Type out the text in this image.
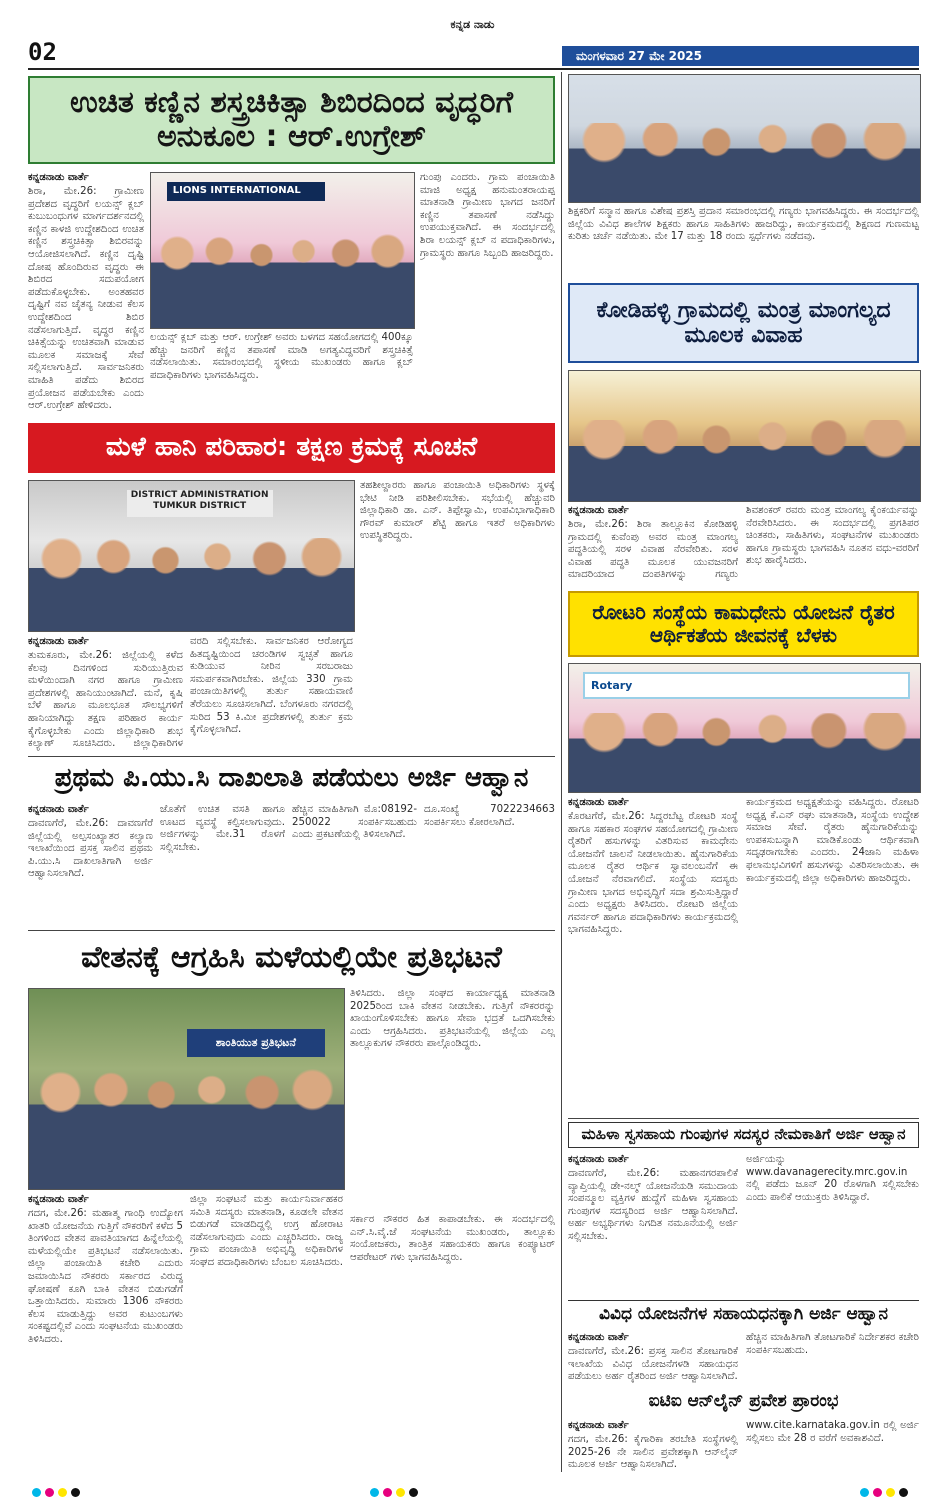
02
ಕನ್ನಡ ನಾಡು
ಮಂಗಳವಾರ 27 ಮೇ 2025
ಉಚಿತ ಕಣ್ಣಿನ ಶಸ್ತ್ರಚಿಕಿತ್ಸಾ ಶಿಬಿರದಿಂದ ವೃದ್ಧರಿಗೆ ಅನುಕೂಲ : ಆರ್.ಉಗ್ರೇಶ್
ಕನ್ನಡನಾಡು ವಾರ್ತೆ
ಶಿರಾ, ಮೇ.26: ಗ್ರಾಮೀಣ ಪ್ರದೇಶದ ವೃದ್ಧರಿಗೆ ಲಯನ್ಸ್ ಕ್ಲಬ್ ಕುಬುಬಂಧುಗಳ ಮಾರ್ಗದರ್ಶನದಲ್ಲಿ ಕಣ್ಣಿನ ಕಾಳಜಿ ಉದ್ದೇಶದಿಂದ ಉಚಿತ ಕಣ್ಣಿನ ಶಸ್ತ್ರಚಿಕಿತ್ಸಾ ಶಿಬಿರವನ್ನು ಆಯೋಜಿಸಲಾಗಿದೆ. ಕಣ್ಣಿನ ದೃಷ್ಟಿ ದೋಷ ಹೊಂದಿರುವ ವೃದ್ಧರು ಈ ಶಿಬಿರದ ಸದುಪಯೋಗ ಪಡೆದುಕೊಳ್ಳಬೇಕು. ಅಂತಹವರ ದೃಷ್ಟಿಗೆ ನವ ಚೈತನ್ಯ ನೀಡುವ ಕೆಲಸ ಉದ್ದೇಶದಿಂದ ಶಿಬಿರ ನಡೆಸಲಾಗುತ್ತಿದೆ. ವೃದ್ಧರ ಕಣ್ಣಿನ ಚಿಕಿತ್ಸೆಯನ್ನು ಉಚಿತವಾಗಿ ಮಾಡುವ ಮೂಲಕ ಸಮಾಜಕ್ಕೆ ಸೇವೆ ಸಲ್ಲಿಸಲಾಗುತ್ತಿದೆ. ಸಾರ್ವಜನಿಕರು ಮಾಹಿತಿ ಪಡೆದು ಶಿಬಿರದ ಪ್ರಯೋಜನ ಪಡೆಯಬೇಕು ಎಂದು ಆರ್.ಉಗ್ರೇಶ್ ಹೇಳಿದರು.
LIONS INTERNATIONAL
ಲಯನ್ಸ್ ಕ್ಲಬ್ ಮತ್ತು ಆರ್. ಉಗ್ರೇಶ್ ಅವರು ಬಳಗದ ಸಹಯೋಗದಲ್ಲಿ 400ಕ್ಕೂ ಹೆಚ್ಚು ಜನರಿಗೆ ಕಣ್ಣಿನ ತಪಾಸಣೆ ಮಾಡಿ ಅಗತ್ಯವಿದ್ದವರಿಗೆ ಶಸ್ತ್ರಚಿಕಿತ್ಸೆ ನಡೆಸಲಾಯಿತು. ಸಮಾರಂಭದಲ್ಲಿ ಸ್ಥಳೀಯ ಮುಖಂಡರು ಹಾಗೂ ಕ್ಲಬ್ ಪದಾಧಿಕಾರಿಗಳು ಭಾಗವಹಿಸಿದ್ದರು.
ಗುಂಪು ಎಂದರು. ಗ್ರಾಮ ಪಂಚಾಯಿತಿ ಮಾಜಿ ಅಧ್ಯಕ್ಷ ಹನುಮಂತರಾಯಪ್ಪ ಮಾತನಾಡಿ ಗ್ರಾಮೀಣ ಭಾಗದ ಜನರಿಗೆ ಕಣ್ಣಿನ ತಪಾಸಣೆ ನಡೆಸಿದ್ದು ಉಪಯುಕ್ತವಾಗಿದೆ. ಈ ಸಂದರ್ಭದಲ್ಲಿ ಶಿರಾ ಲಯನ್ಸ್ ಕ್ಲಬ್ ನ ಪದಾಧಿಕಾರಿಗಳು, ಗ್ರಾಮಸ್ಥರು ಹಾಗೂ ಸಿಬ್ಬಂದಿ ಹಾಜರಿದ್ದರು.
ಶಿಕ್ಷಕರಿಗೆ ಸನ್ಮಾನ ಹಾಗೂ ವಿಶೇಷ ಪ್ರಶಸ್ತಿ ಪ್ರದಾನ ಸಮಾರಂಭದಲ್ಲಿ ಗಣ್ಯರು ಭಾಗವಹಿಸಿದ್ದರು. ಈ ಸಂದರ್ಭದಲ್ಲಿ ಜಿಲ್ಲೆಯ ವಿವಿಧ ಶಾಲೆಗಳ ಶಿಕ್ಷಕರು ಹಾಗೂ ಸಾಹಿತಿಗಳು ಹಾಜರಿದ್ದು, ಕಾರ್ಯಕ್ರಮದಲ್ಲಿ ಶಿಕ್ಷಣದ ಗುಣಮಟ್ಟ ಕುರಿತು ಚರ್ಚೆ ನಡೆಯಿತು. ಮೇ 17 ಮತ್ತು 18 ರಂದು ಸ್ಪರ್ಧೆಗಳು ನಡೆದವು.
ಕೋಡಿಹಳ್ಳಿ ಗ್ರಾಮದಲ್ಲಿ ಮಂತ್ರ ಮಾಂಗಲ್ಯದ ಮೂಲಕ ವಿವಾಹ
ಕನ್ನಡನಾಡು ವಾರ್ತೆ
ಶಿರಾ, ಮೇ.26: ಶಿರಾ ತಾಲ್ಲೂಕಿನ ಕೋಡಿಹಳ್ಳಿ ಗ್ರಾಮದಲ್ಲಿ ಕುವೆಂಪು ಅವರ ಮಂತ್ರ ಮಾಂಗಲ್ಯ ಪದ್ಧತಿಯಲ್ಲಿ ಸರಳ ವಿವಾಹ ನೆರವೇರಿತು. ಸರಳ ವಿವಾಹ ಪದ್ಧತಿ ಮೂಲಕ ಯುವಜನರಿಗೆ ಮಾದರಿಯಾದ ದಂಪತಿಗಳನ್ನು ಗಣ್ಯರು
ಶಿವಶಂಕರ್ ರವರು ಮಂತ್ರ ಮಾಂಗಲ್ಯ ಕೈಂಕರ್ಯವನ್ನು ನೆರವೇರಿಸಿದರು. ಈ ಸಂದರ್ಭದಲ್ಲಿ ಪ್ರಗತಿಪರ ಚಿಂತಕರು, ಸಾಹಿತಿಗಳು, ಸಂಘಟನೆಗಳ ಮುಖಂಡರು ಹಾಗೂ ಗ್ರಾಮಸ್ಥರು ಭಾಗವಹಿಸಿ ನೂತನ ವಧು-ವರರಿಗೆ ಶುಭ ಹಾರೈಸಿದರು.
ರೋಟರಿ ಸಂಸ್ಥೆಯ ಕಾಮಧೇನು ಯೋಜನೆ ರೈತರ ಆರ್ಥಿಕತೆಯ ಜೀವನಕ್ಕೆ ಬೆಳಕು
Rotary
ಕನ್ನಡನಾಡು ವಾರ್ತೆ
ಕೊರಟಗೆರೆ, ಮೇ.26: ಸಿದ್ದರಬೆಟ್ಟ ರೋಟರಿ ಸಂಸ್ಥೆ ಹಾಗೂ ಸಹಕಾರ ಸಂಘಗಳ ಸಹಯೋಗದಲ್ಲಿ ಗ್ರಾಮೀಣ ರೈತರಿಗೆ ಹಸುಗಳನ್ನು ವಿತರಿಸುವ ಕಾಮಧೇನು ಯೋಜನೆಗೆ ಚಾಲನೆ ನೀಡಲಾಯಿತು. ಹೈನುಗಾರಿಕೆಯ ಮೂಲಕ ರೈತರ ಆರ್ಥಿಕ ಸ್ವಾವಲಂಬನೆಗೆ ಈ ಯೋಜನೆ ನೆರವಾಗಲಿದೆ. ಸಂಸ್ಥೆಯ ಸದಸ್ಯರು ಗ್ರಾಮೀಣ ಭಾಗದ ಅಭಿವೃದ್ಧಿಗೆ ಸದಾ ಶ್ರಮಿಸುತ್ತಿದ್ದಾರೆ ಎಂದು ಅಧ್ಯಕ್ಷರು ತಿಳಿಸಿದರು. ರೋಟರಿ ಜಿಲ್ಲೆಯ ಗವರ್ನರ್ ಹಾಗೂ ಪದಾಧಿಕಾರಿಗಳು ಕಾರ್ಯಕ್ರಮದಲ್ಲಿ ಭಾಗವಹಿಸಿದ್ದರು.
ಕಾರ್ಯಕ್ರಮದ ಅಧ್ಯಕ್ಷತೆಯನ್ನು ವಹಿಸಿದ್ದರು. ರೋಟರಿ ಅಧ್ಯಕ್ಷ ಕೆ.ಎನ್ ರಘು ಮಾತನಾಡಿ, ಸಂಸ್ಥೆಯ ಉದ್ದೇಶ ಸಮಾಜ ಸೇವೆ. ರೈತರು ಹೈನುಗಾರಿಕೆಯನ್ನು ಉಪಕಸುಬನ್ನಾಗಿ ಮಾಡಿಕೊಂಡು ಆರ್ಥಿಕವಾಗಿ ಸದೃಢರಾಗಬೇಕು ಎಂದರು. 24ಜಾನಿ ಮಹಿಳಾ ಫಲಾನುಭವಿಗಳಿಗೆ ಹಸುಗಳನ್ನು ವಿತರಿಸಲಾಯಿತು. ಈ ಕಾರ್ಯಕ್ರಮದಲ್ಲಿ ಜಿಲ್ಲಾ ಅಧಿಕಾರಿಗಳು ಹಾಜರಿದ್ದರು.
ಮಳೆ ಹಾನಿ ಪರಿಹಾರ: ತಕ್ಷಣ ಕ್ರಮಕ್ಕೆ ಸೂಚನೆ
DISTRICT ADMINISTRATION TUMKUR DISTRICT
ಕನ್ನಡನಾಡು ವಾರ್ತೆ
ತುಮಕೂರು, ಮೇ.26: ಜಿಲ್ಲೆಯಲ್ಲಿ ಕಳೆದ ಕೆಲವು ದಿನಗಳಿಂದ ಸುರಿಯುತ್ತಿರುವ ಮಳೆಯಿಂದಾಗಿ ನಗರ ಹಾಗೂ ಗ್ರಾಮೀಣ ಪ್ರದೇಶಗಳಲ್ಲಿ ಹಾನಿಯುಂಟಾಗಿದೆ. ಮನೆ, ಕೃಷಿ ಬೆಳೆ ಹಾಗೂ ಮೂಲಭೂತ ಸೌಲಭ್ಯಗಳಿಗೆ ಹಾನಿಯಾಗಿದ್ದು ತಕ್ಷಣ ಪರಿಹಾರ ಕಾರ್ಯ ಕೈಗೊಳ್ಳಬೇಕು ಎಂದು ಜಿಲ್ಲಾಧಿಕಾರಿ ಶುಭ ಕಲ್ಯಾಣ್ ಸೂಚಿಸಿದರು. ಜಿಲ್ಲಾಧಿಕಾರಿಗಳ
ವರದಿ ಸಲ್ಲಿಸಬೇಕು. ಸಾರ್ವಜನಿಕರ ಆರೋಗ್ಯದ ಹಿತದೃಷ್ಟಿಯಿಂದ ಚರಂಡಿಗಳ ಸ್ವಚ್ಛತೆ ಹಾಗೂ ಕುಡಿಯುವ ನೀರಿನ ಸರಬರಾಜು ಸಮರ್ಪಕವಾಗಿರಬೇಕು. ಜಿಲ್ಲೆಯ 330 ಗ್ರಾಮ ಪಂಚಾಯಿತಿಗಳಲ್ಲಿ ತುರ್ತು ಸಹಾಯವಾಣಿ ತೆರೆಯಲು ಸೂಚಿಸಲಾಗಿದೆ. ಬೆಂಗಳೂರು ನಗರದಲ್ಲಿ ಸುರಿದ 53 ಕಿ.ಮೀ ಪ್ರದೇಶಗಳಲ್ಲಿ ತುರ್ತು ಕ್ರಮ ಕೈಗೊಳ್ಳಲಾಗಿದೆ.
ತಹಶೀಲ್ದಾರರು ಹಾಗೂ ಪಂಚಾಯಿತಿ ಅಧಿಕಾರಿಗಳು ಸ್ಥಳಕ್ಕೆ ಭೇಟಿ ನೀಡಿ ಪರಿಶೀಲಿಸಬೇಕು. ಸಭೆಯಲ್ಲಿ ಹೆಚ್ಚುವರಿ ಜಿಲ್ಲಾಧಿಕಾರಿ ಡಾ. ಎನ್. ತಿಪ್ಪೇಸ್ವಾಮಿ, ಉಪವಿಭಾಗಾಧಿಕಾರಿ ಗೌರವ್ ಕುಮಾರ್ ಶೆಟ್ಟಿ ಹಾಗೂ ಇತರೆ ಅಧಿಕಾರಿಗಳು ಉಪಸ್ಥಿತರಿದ್ದರು.
ಪ್ರಥಮ ಪಿ.ಯು.ಸಿ ದಾಖಲಾತಿ ಪಡೆಯಲು ಅರ್ಜಿ ಆಹ್ವಾನ
ಕನ್ನಡನಾಡು ವಾರ್ತೆ
ದಾವಣಗೆರೆ, ಮೇ.26: ದಾವಣಗೆರೆ ಜಿಲ್ಲೆಯಲ್ಲಿ ಅಲ್ಪಸಂಖ್ಯಾತರ ಕಲ್ಯಾಣ ಇಲಾಖೆಯಿಂದ ಪ್ರಸಕ್ತ ಸಾಲಿನ ಪ್ರಥಮ ಪಿ.ಯು.ಸಿ ದಾಖಲಾತಿಗಾಗಿ ಅರ್ಜಿ ಆಹ್ವಾನಿಸಲಾಗಿದೆ.
ಜೊತೆಗೆ ಉಚಿತ ವಸತಿ ಹಾಗೂ ಊಟದ ವ್ಯವಸ್ಥೆ ಕಲ್ಪಿಸಲಾಗುವುದು. ಅರ್ಜಿಗಳನ್ನು ಮೇ.31 ರೊಳಗೆ ಸಲ್ಲಿಸಬೇಕು.
ಹೆಚ್ಚಿನ ಮಾಹಿತಿಗಾಗಿ ಮೊ:08192-250022 ಸಂಪರ್ಕಿಸಬಹುದು ಎಂದು ಪ್ರಕಟಣೆಯಲ್ಲಿ ತಿಳಿಸಲಾಗಿದೆ.
ದೂ.ಸಂಖ್ಯೆ 7022234663 ಸಂಪರ್ಕಿಸಲು ಕೋರಲಾಗಿದೆ.
ವೇತನಕ್ಕೆ ಆಗ್ರಹಿಸಿ ಮಳೆಯಲ್ಲಿಯೇ ಪ್ರತಿಭಟನೆ
ಶಾಂತಿಯುತ ಪ್ರತಿಭಟನೆ
ಕನ್ನಡನಾಡು ವಾರ್ತೆ
ಗದಗ, ಮೇ.26: ಮಹಾತ್ಮ ಗಾಂಧಿ ಉದ್ಯೋಗ ಖಾತರಿ ಯೋಜನೆಯ ಗುತ್ತಿಗೆ ನೌಕರರಿಗೆ ಕಳೆದ 5 ತಿಂಗಳಿಂದ ವೇತನ ಪಾವತಿಯಾಗದ ಹಿನ್ನೆಲೆಯಲ್ಲಿ ಮಳೆಯಲ್ಲಿಯೇ ಪ್ರತಿಭಟನೆ ನಡೆಸಲಾಯಿತು. ಜಿಲ್ಲಾ ಪಂಚಾಯಿತಿ ಕಚೇರಿ ಎದುರು ಜಮಾಯಿಸಿದ ನೌಕರರು ಸರ್ಕಾರದ ವಿರುದ್ಧ ಘೋಷಣೆ ಕೂಗಿ ಬಾಕಿ ವೇತನ ಬಿಡುಗಡೆಗೆ ಒತ್ತಾಯಿಸಿದರು. ಸುಮಾರು 1306 ನೌಕರರು ಕೆಲಸ ಮಾಡುತ್ತಿದ್ದು ಅವರ ಕುಟುಂಬಗಳು ಸಂಕಷ್ಟದಲ್ಲಿವೆ ಎಂದು ಸಂಘಟನೆಯ ಮುಖಂಡರು ತಿಳಿಸಿದರು.
ಜಿಲ್ಲಾ ಸಂಘಟನೆ ಮತ್ತು ಕಾರ್ಯನಿರ್ವಾಹಕರ ಸಮಿತಿ ಸದಸ್ಯರು ಮಾತನಾಡಿ, ಕೂಡಲೇ ವೇತನ ಬಿಡುಗಡೆ ಮಾಡದಿದ್ದಲ್ಲಿ ಉಗ್ರ ಹೋರಾಟ ನಡೆಸಲಾಗುವುದು ಎಂದು ಎಚ್ಚರಿಸಿದರು. ರಾಜ್ಯ ಗ್ರಾಮ ಪಂಚಾಯಿತಿ ಅಭಿವೃದ್ಧಿ ಅಧಿಕಾರಿಗಳ ಸಂಘದ ಪದಾಧಿಕಾರಿಗಳು ಬೆಂಬಲ ಸೂಚಿಸಿದರು.
ತಿಳಿಸಿದರು. ಜಿಲ್ಲಾ ಸಂಘದ ಕಾರ್ಯಾಧ್ಯಕ್ಷ ಮಾತನಾಡಿ 2025ರಿಂದ ಬಾಕಿ ವೇತನ ನೀಡಬೇಕು. ಗುತ್ತಿಗೆ ನೌಕರರನ್ನು ಖಾಯಂಗೊಳಿಸಬೇಕು ಹಾಗೂ ಸೇವಾ ಭದ್ರತೆ ಒದಗಿಸಬೇಕು ಎಂದು ಆಗ್ರಹಿಸಿದರು. ಪ್ರತಿಭಟನೆಯಲ್ಲಿ ಜಿಲ್ಲೆಯ ಎಲ್ಲ ತಾಲ್ಲೂಕುಗಳ ನೌಕರರು ಪಾಲ್ಗೊಂಡಿದ್ದರು.
ಸರ್ಕಾರ ನೌಕರರ ಹಿತ ಕಾಪಾಡಬೇಕು. ಈ ಸಂದರ್ಭದಲ್ಲಿ ಎನ್.ಸಿ.ವೈ.ಜೆ ಸಂಘಟನೆಯ ಮುಖಂಡರು, ತಾಲ್ಲೂಕು ಸಂಯೋಜಕರು, ತಾಂತ್ರಿಕ ಸಹಾಯಕರು ಹಾಗೂ ಕಂಪ್ಯೂಟರ್ ಆಪರೇಟರ್ ಗಳು ಭಾಗವಹಿಸಿದ್ದರು.
ಮಹಿಳಾ ಸ್ವಸಹಾಯ ಗುಂಪುಗಳ ಸದಸ್ಯರ ನೇಮಕಾತಿಗೆ ಅರ್ಜಿ ಆಹ್ವಾನ
ಕನ್ನಡನಾಡು ವಾರ್ತೆ
ದಾವಣಗೆರೆ, ಮೇ.26: ಮಹಾನಗರಪಾಲಿಕೆ ವ್ಯಾಪ್ತಿಯಲ್ಲಿ ಡೇ-ನಲ್ಮ್ ಯೋಜನೆಯಡಿ ಸಮುದಾಯ ಸಂಪನ್ಮೂಲ ವ್ಯಕ್ತಿಗಳ ಹುದ್ದೆಗೆ ಮಹಿಳಾ ಸ್ವಸಹಾಯ ಗುಂಪುಗಳ ಸದಸ್ಯರಿಂದ ಅರ್ಜಿ ಆಹ್ವಾನಿಸಲಾಗಿದೆ. ಅರ್ಹ ಅಭ್ಯರ್ಥಿಗಳು ನಿಗದಿತ ನಮೂನೆಯಲ್ಲಿ ಅರ್ಜಿ ಸಲ್ಲಿಸಬೇಕು.
ಅರ್ಜಿಯನ್ನು www.davanagerecity.mrc.gov.in ನಲ್ಲಿ ಪಡೆದು ಜೂನ್ 20 ರೊಳಗಾಗಿ ಸಲ್ಲಿಸಬೇಕು ಎಂದು ಪಾಲಿಕೆ ಆಯುಕ್ತರು ತಿಳಿಸಿದ್ದಾರೆ.
ವಿವಿಧ ಯೋಜನೆಗಳ ಸಹಾಯಧನಕ್ಕಾಗಿ ಅರ್ಜಿ ಆಹ್ವಾನ
ಕನ್ನಡನಾಡು ವಾರ್ತೆ
ದಾವಣಗೆರೆ, ಮೇ.26: ಪ್ರಸಕ್ತ ಸಾಲಿನ ತೋಟಗಾರಿಕೆ ಇಲಾಖೆಯ ವಿವಿಧ ಯೋಜನೆಗಳಡಿ ಸಹಾಯಧನ ಪಡೆಯಲು ಅರ್ಹ ರೈತರಿಂದ ಅರ್ಜಿ ಆಹ್ವಾನಿಸಲಾಗಿದೆ.
ಹೆಚ್ಚಿನ ಮಾಹಿತಿಗಾಗಿ ತೋಟಗಾರಿಕೆ ನಿರ್ದೇಶಕರ ಕಚೇರಿ ಸಂಪರ್ಕಿಸಬಹುದು.
ಐಟಿಐ ಆನ್‌ಲೈನ್ ಪ್ರವೇಶ ಪ್ರಾರಂಭ
ಕನ್ನಡನಾಡು ವಾರ್ತೆ
ಗದಗ, ಮೇ.26: ಕೈಗಾರಿಕಾ ತರಬೇತಿ ಸಂಸ್ಥೆಗಳಲ್ಲಿ 2025-26 ನೇ ಸಾಲಿನ ಪ್ರವೇಶಕ್ಕಾಗಿ ಆನ್‌ಲೈನ್ ಮೂಲಕ ಅರ್ಜಿ ಆಹ್ವಾನಿಸಲಾಗಿದೆ.
www.cite.karnataka.gov.in ರಲ್ಲಿ ಅರ್ಜಿ ಸಲ್ಲಿಸಲು ಮೇ 28 ರ ವರೆಗೆ ಅವಕಾಶವಿದೆ.
